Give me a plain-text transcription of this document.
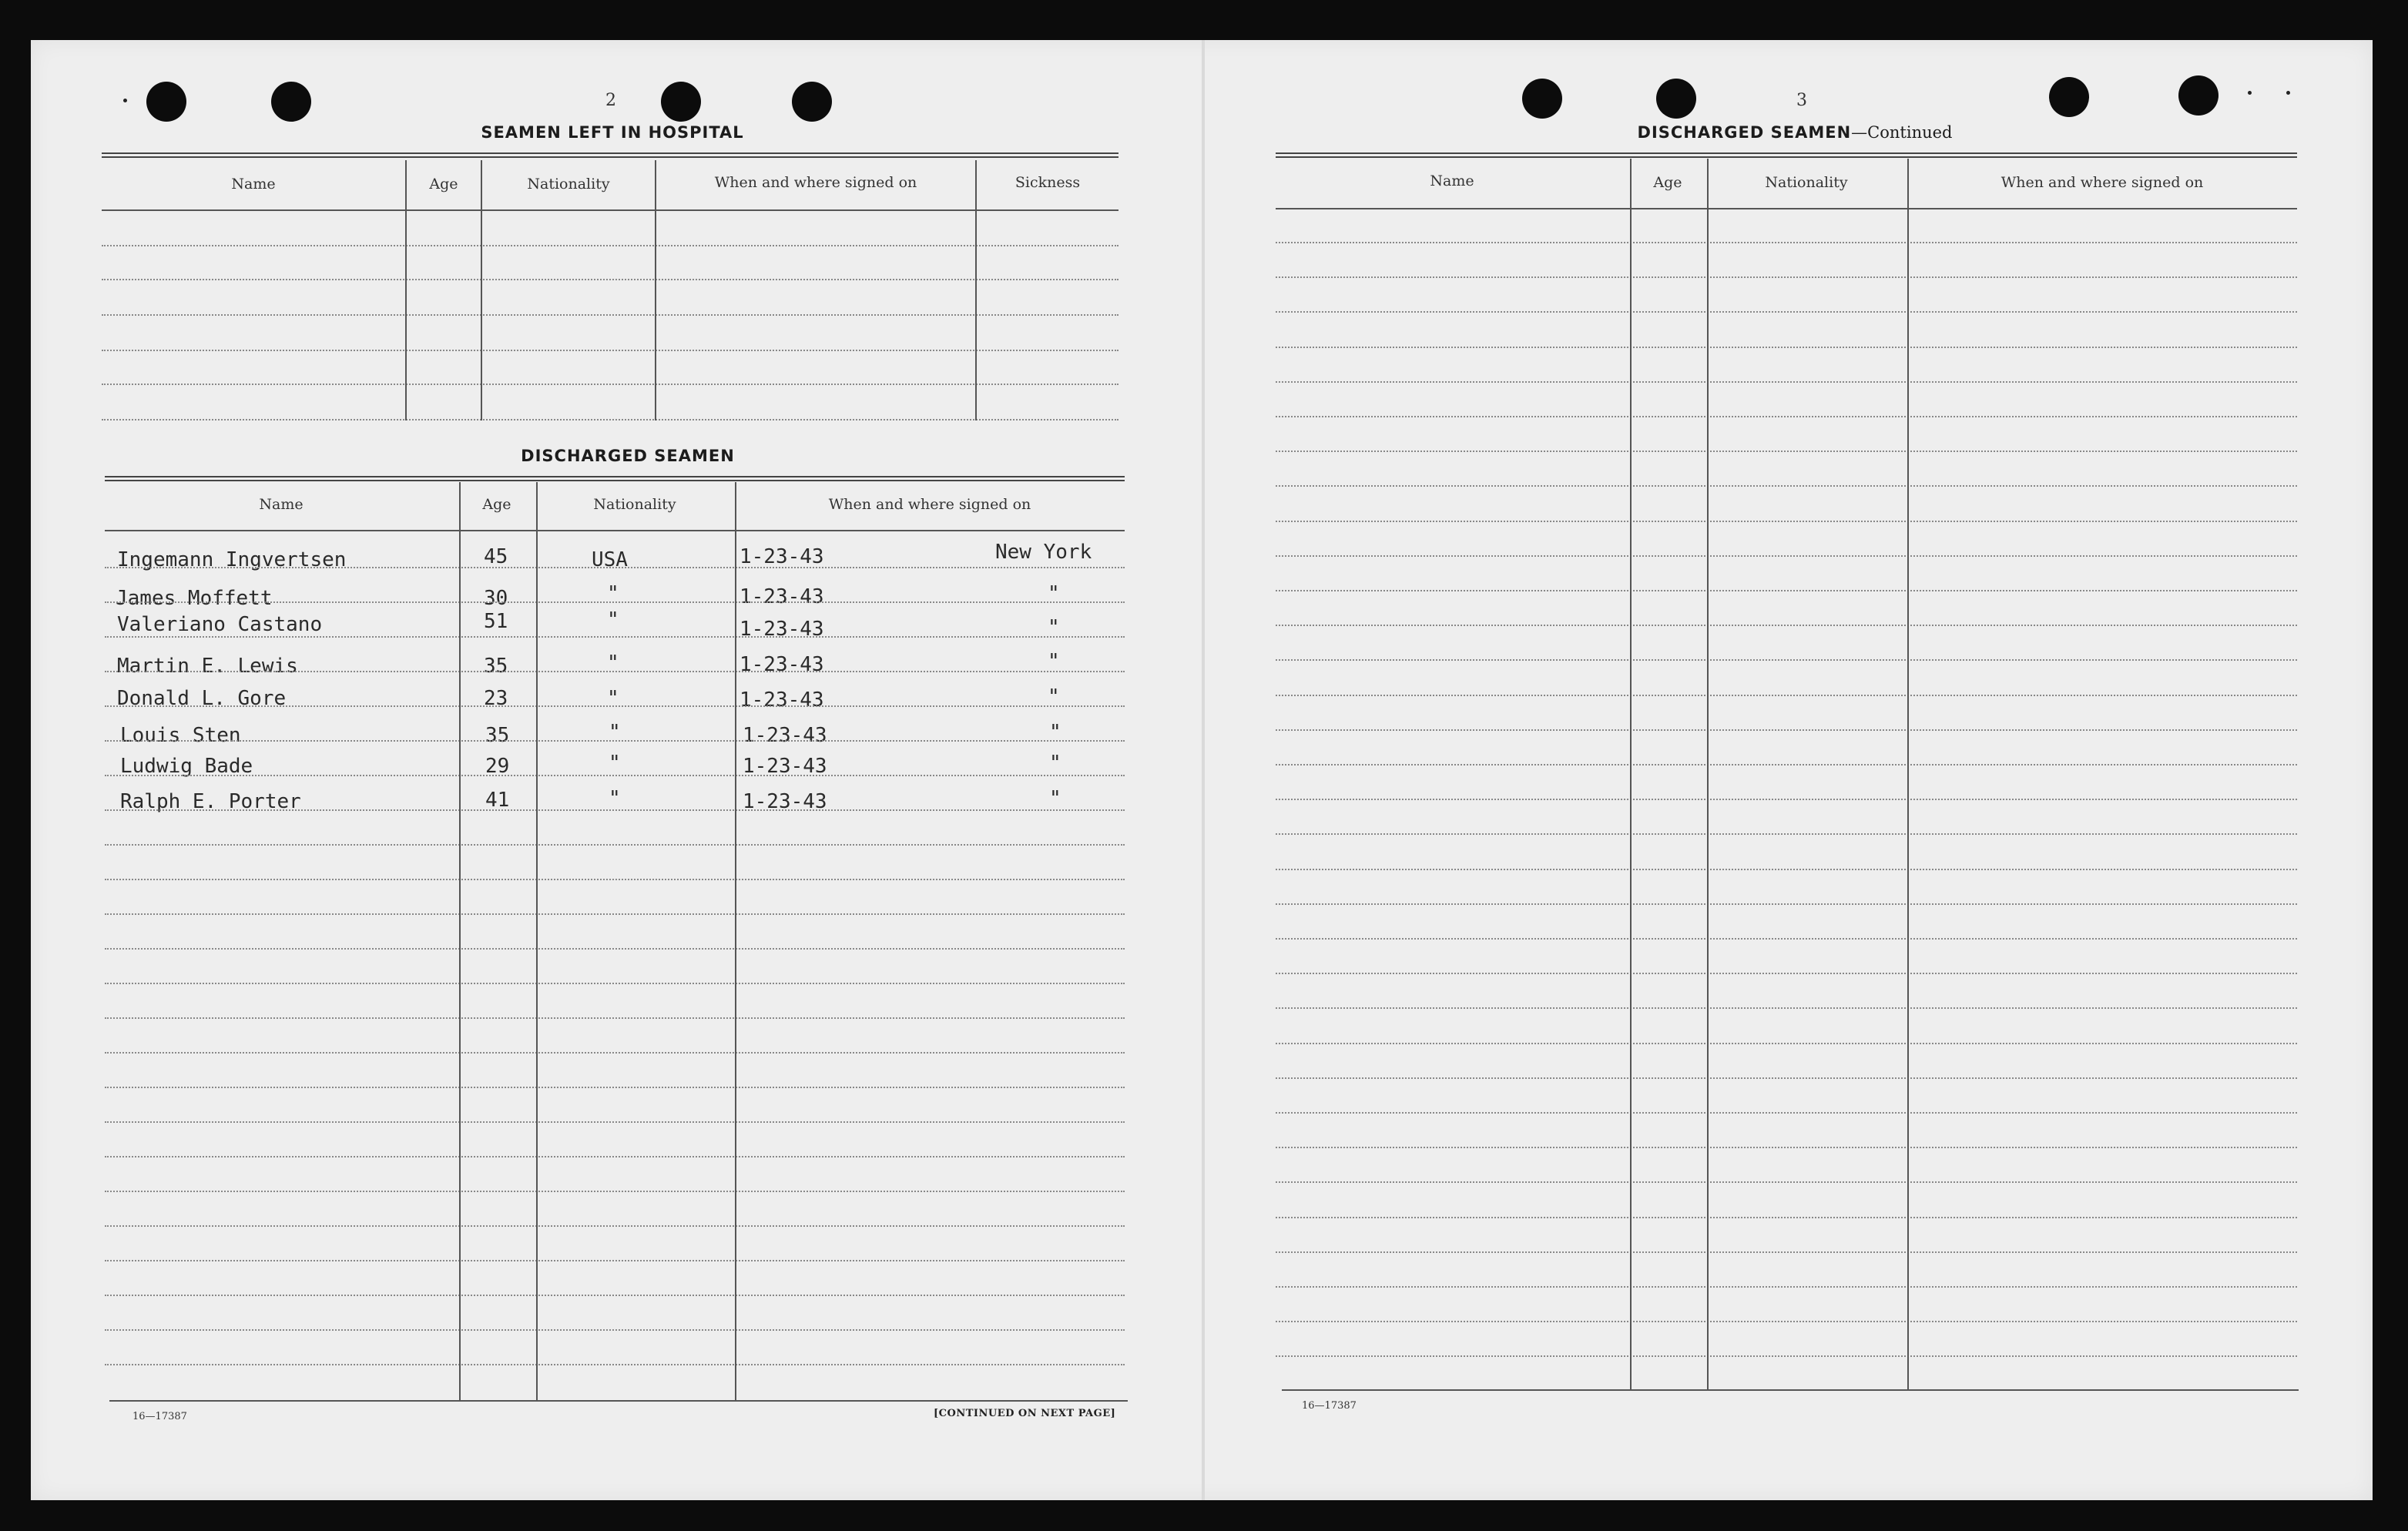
2
SEAMEN LEFT IN HOSPITAL
Name	Age	Nationality	When and where signed on	Sickness
DISCHARGED SEAMEN
Name	Age	Nationality	When and where signed on
Ingemann Ingvertsen	45	USA	1-23-43	New York
James Moffett	30	"	1-23-43	"
Valeriano Castano	51	"	1-23-43	"
Martin E. Lewis	35	"	1-23-43	"
Donald L. Gore	23	"	1-23-43	"
Louis Sten	35	"	1-23-43	"
Ludwig Bade	29	"	1-23-43	"
Ralph E. Porter	41	"	1-23-43	"
16—17387	[CONTINUED ON NEXT PAGE]
3
DISCHARGED SEAMEN—Continued
Name	Age	Nationality	When and where signed on
16—17387
